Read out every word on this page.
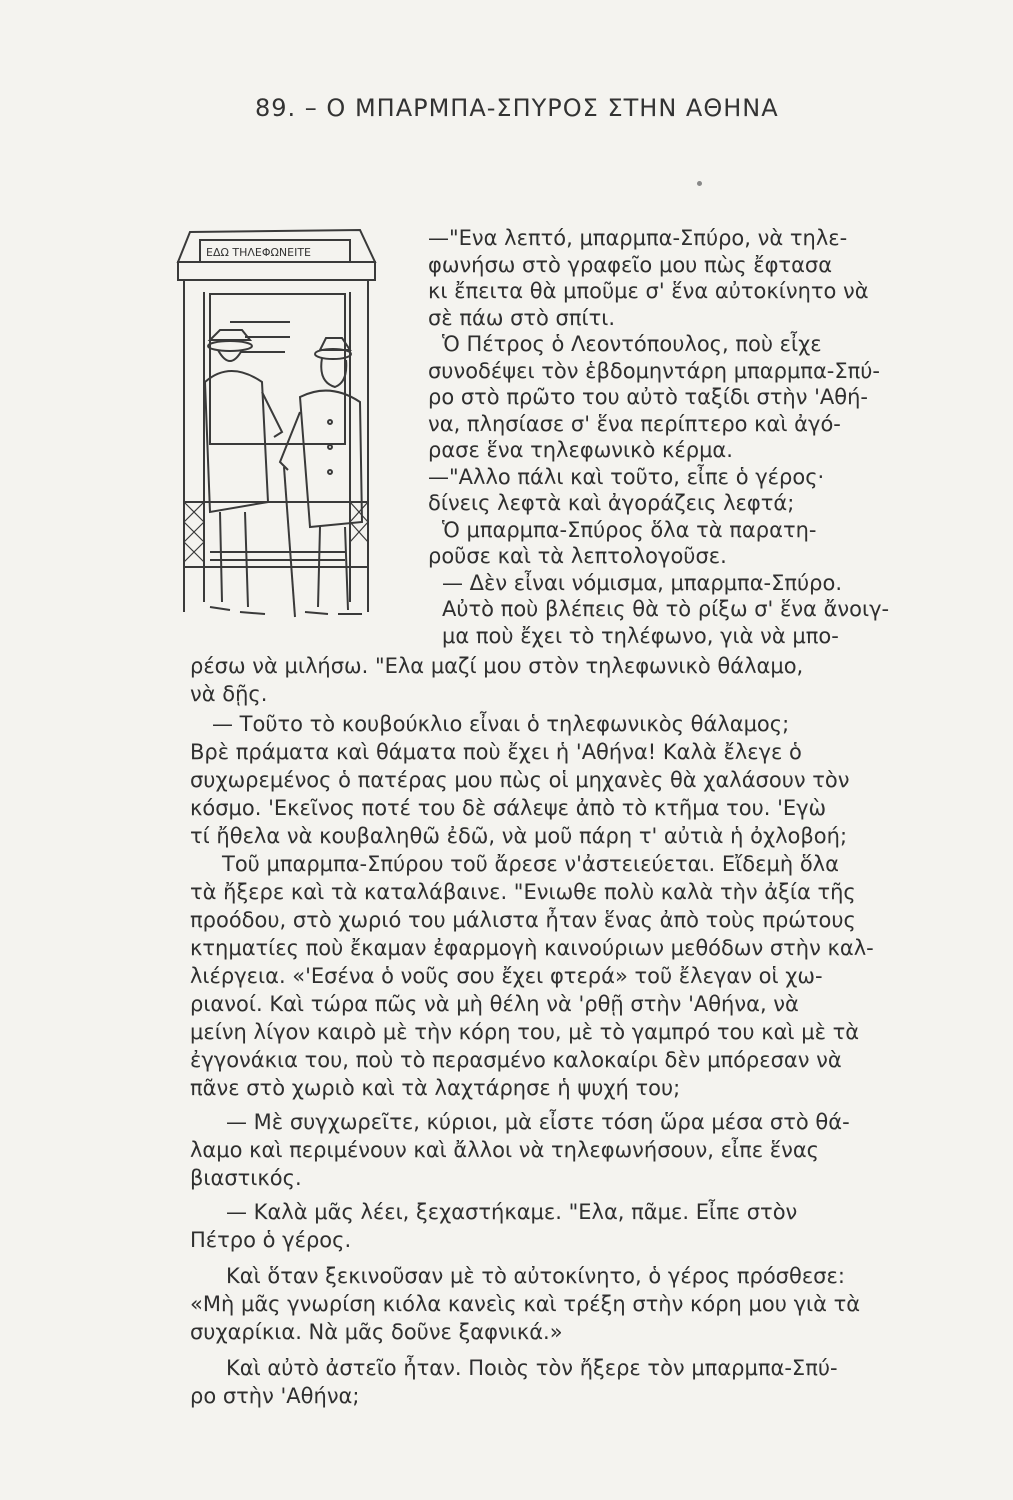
89. – Ο ΜΠΑΡΜΠΑ-ΣΠΥΡΟΣ ΣΤΗΝ ΑΘΗΝΑ
ΕΔΩ ΤΗΛΕΦΩΝΕΙΤΕ
—"Ενα λεπτό, μπαρμπα-Σπύρο, νὰ τηλε-
φωνήσω στὸ γραφεῖο μου πὼς ἔφτασα
κι ἔπειτα θὰ μποῦμε σ' ἕνα αὐτοκίνητο νὰ
σὲ πάω στὸ σπίτι.
Ὁ Πέτρος ὁ Λεοντόπουλος, ποὺ εἶχε
συνοδέψει τὸν ἑβδομηντάρη μπαρμπα-Σπύ-
ρο στὸ πρῶτο του αὐτὸ ταξίδι στὴν 'Αθή-
να, πλησίασε σ' ἕνα περίπτερο καὶ ἀγό-
ρασε ἕνα τηλεφωνικὸ κέρμα.
—"Αλλο πάλι καὶ τοῦτο, εἶπε ὁ γέρος·
δίνεις λεφτὰ καὶ ἀγοράζεις λεφτά;
Ὁ μπαρμπα-Σπύρος ὅλα τὰ παρατη-
ροῦσε καὶ τὰ λεπτολογοῦσε.
— Δὲν εἶναι νόμισμα, μπαρμπα-Σπύρο.
Αὐτὸ ποὺ βλέπεις θὰ τὸ ρίξω σ' ἕνα ἄνοιγ-
μα ποὺ ἔχει τὸ τηλέφωνο, γιὰ νὰ μπο-
ρέσω νὰ μιλήσω. "Ελα μαζί μου στὸν τηλεφωνικὸ θάλαμο,
νὰ δῇς.
— Τοῦτο τὸ κουβούκλιο εἶναι ὁ τηλεφωνικὸς θάλαμος;
Βρὲ πράματα καὶ θάματα ποὺ ἔχει ἡ 'Αθήνα! Καλὰ ἔλεγε ὁ
συχωρεμένος ὁ πατέρας μου πὼς οἱ μηχανὲς θὰ χαλάσουν τὸν
κόσμο. 'Εκεῖνος ποτέ του δὲ σάλεψε ἀπὸ τὸ κτῆμα του. 'Εγὼ
τί ἤθελα νὰ κουβαληθῶ ἐδῶ, νὰ μοῦ πάρη τ' αὐτιὰ ἡ ὀχλοβοή;
Τοῦ μπαρμπα-Σπύρου τοῦ ἄρεσε ν'ἀστειεύεται. Εἴδεμὴ ὅλα
τὰ ἤξερε καὶ τὰ καταλάβαινε. "Ενιωθε πολὺ καλὰ τὴν ἀξία τῆς
προόδου, στὸ χωριό του μάλιστα ἦταν ἕνας ἀπὸ τοὺς πρώτους
κτηματίες ποὺ ἔκαμαν ἐφαρμογὴ καινούριων μεθόδων στὴν καλ-
λιέργεια. «'Εσένα ὁ νοῦς σου ἔχει φτερά» τοῦ ἔλεγαν οἱ χω-
ριανοί. Καὶ τώρα πῶς νὰ μὴ θέλη νὰ 'ρθῇ στὴν 'Αθήνα, νὰ
μείνη λίγον καιρὸ μὲ τὴν κόρη του, μὲ τὸ γαμπρό του καὶ μὲ τὰ
ἐγγονάκια του, ποὺ τὸ περασμένο καλοκαίρι δὲν μπόρεσαν νὰ
πᾶνε στὸ χωριὸ καὶ τὰ λαχτάρησε ἡ ψυχή του;
— Μὲ συγχωρεῖτε, κύριοι, μὰ εἶστε τόση ὥρα μέσα στὸ θά-
λαμο καὶ περιμένουν καὶ ἄλλοι νὰ τηλεφωνήσουν, εἶπε ἕνας
βιαστικός.
— Καλὰ μᾶς λέει, ξεχαστήκαμε. "Ελα, πᾶμε. Εἶπε στὸν
Πέτρο ὁ γέρος.
Καὶ ὅταν ξεκινοῦσαν μὲ τὸ αὐτοκίνητο, ὁ γέρος πρόσθεσε:
«Μὴ μᾶς γνωρίση κιόλα κανεὶς καὶ τρέξη στὴν κόρη μου γιὰ τὰ
συχαρίκια. Νὰ μᾶς δοῦνε ξαφνικά.»
Καὶ αὐτὸ ἀστεῖο ἦταν. Ποιὸς τὸν ἤξερε τὸν μπαρμπα-Σπύ-
ρο στὴν 'Αθήνα;
